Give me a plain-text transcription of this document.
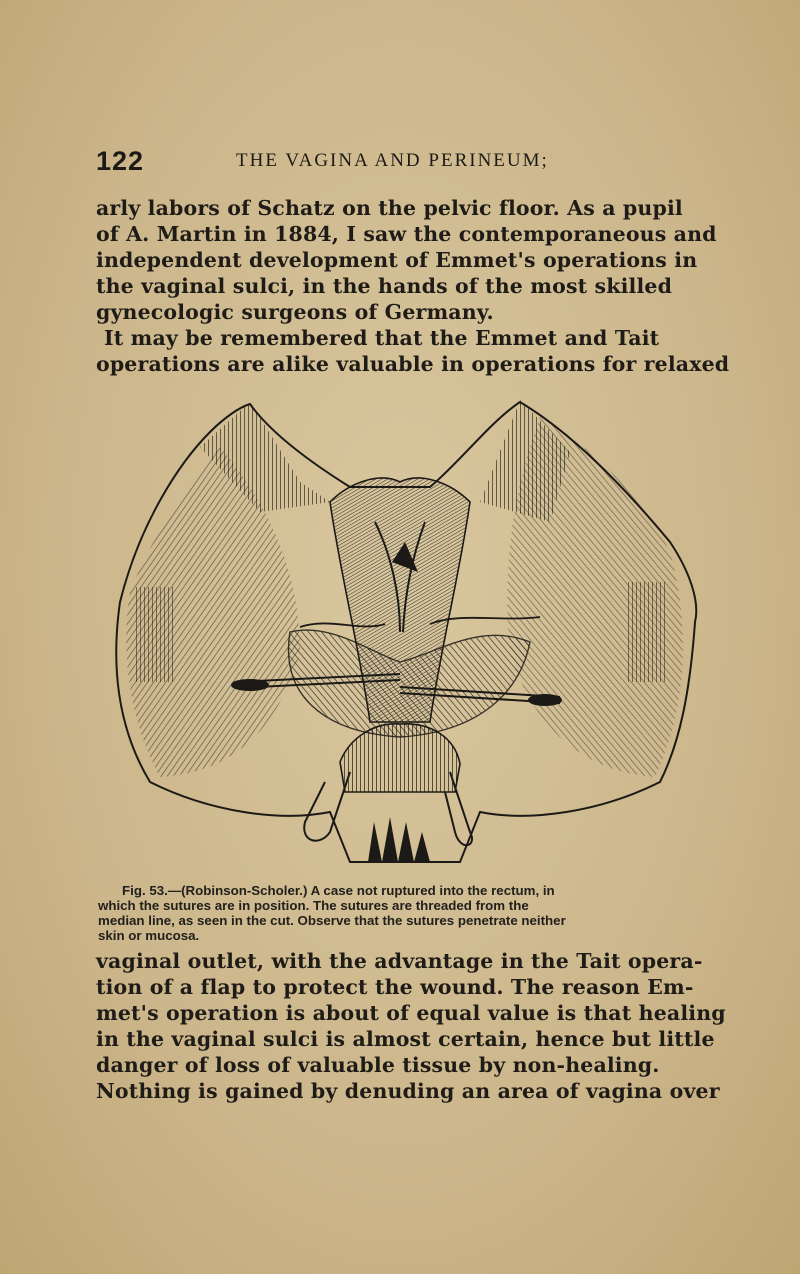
122	THE VAGINA AND PERINEUM;
arly labors of Schatz on the pelvic floor. As a pupil
of A. Martin in 1884, I saw the contemporaneous and
independent development of Emmet's operations in
the vaginal sulci, in the hands of the most skilled
gynecologic surgeons of Germany.
It may be remembered that the Emmet and Tait
operations are alike valuable in operations for relaxed
Fig. 53.—(Robinson-Scholer.) A case not ruptured into the rectum, in
which the sutures are in position. The sutures are threaded from the
median line, as seen in the cut. Observe that the sutures penetrate neither
skin or mucosa.
vaginal outlet, with the advantage in the Tait opera-
tion of a flap to protect the wound. The reason Em-
met's operation is about of equal value is that healing
in the vaginal sulci is almost certain, hence but little
danger of loss of valuable tissue by non-healing.
Nothing is gained by denuding an area of vagina over
